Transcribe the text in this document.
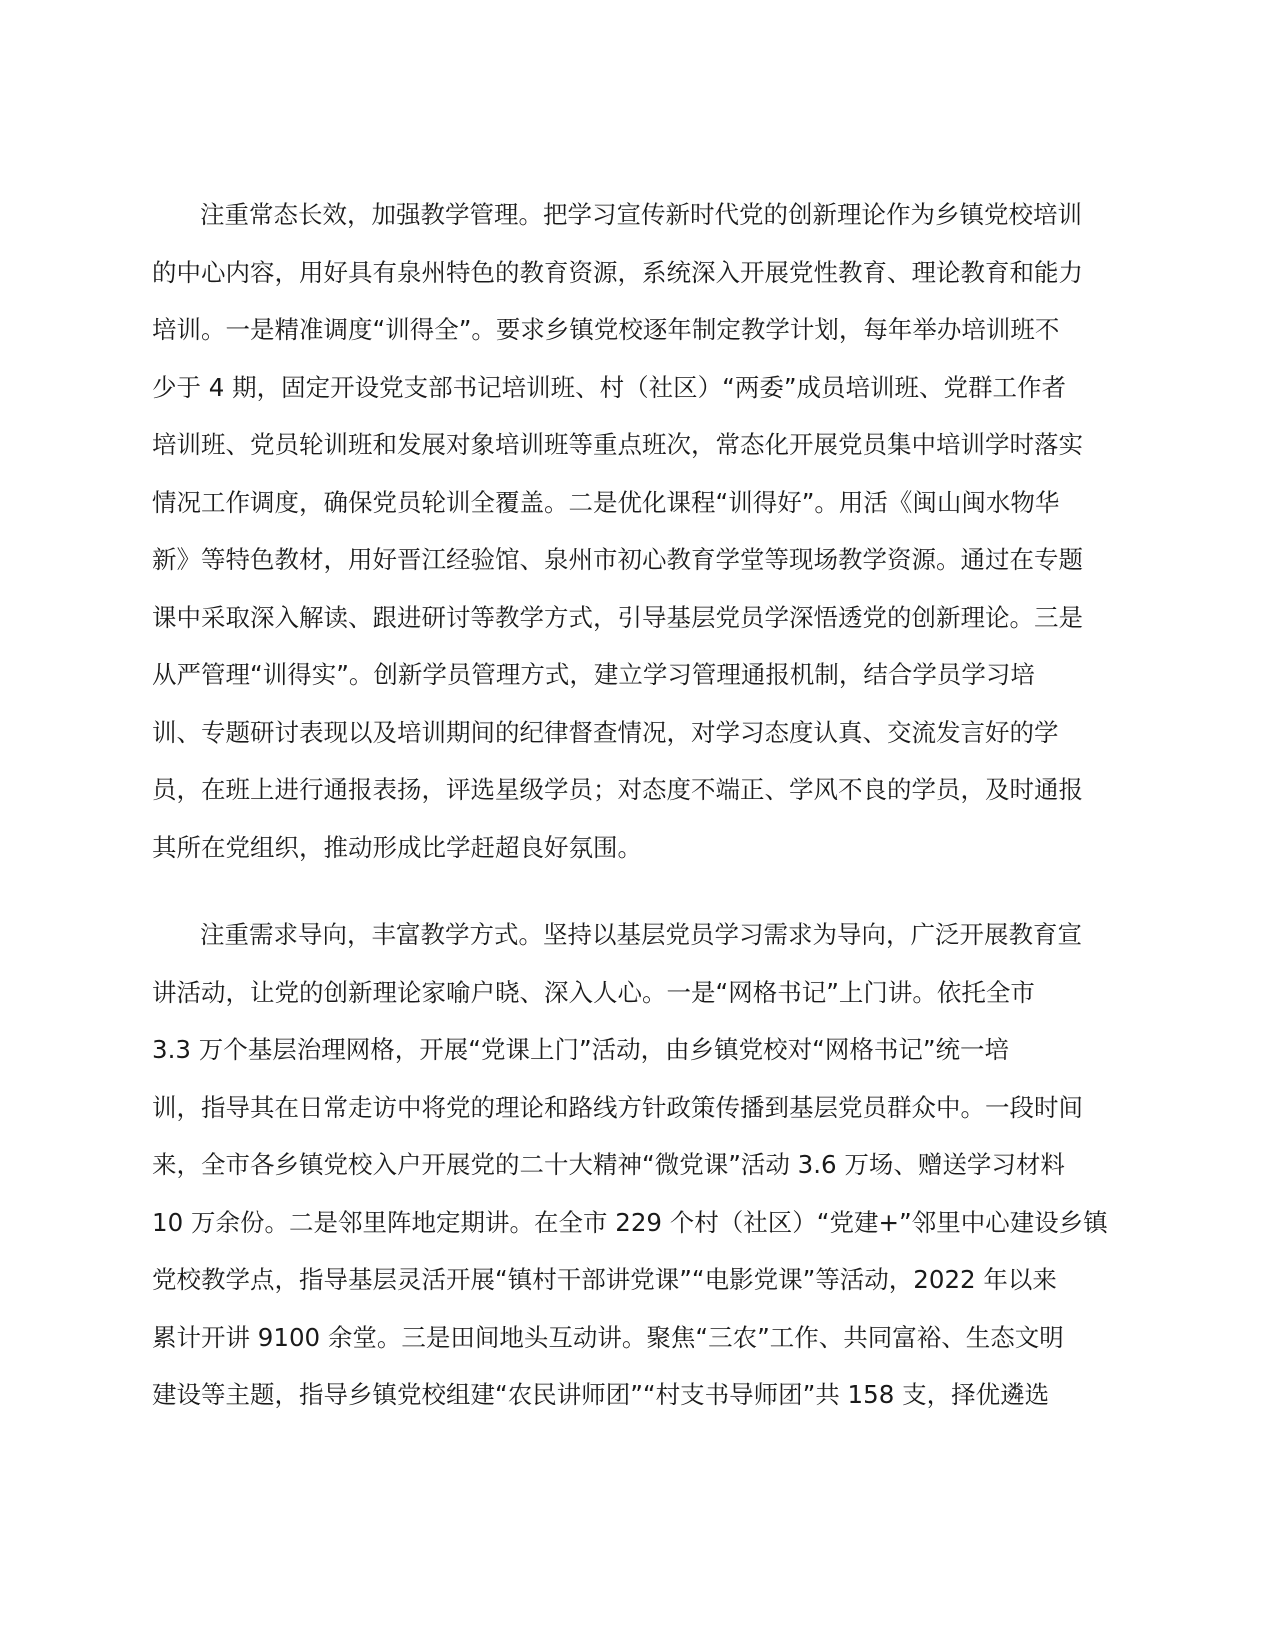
注重常态长效，加强教学管理。把学习宣传新时代党的创新理论作为乡镇党校培训
的中心内容，用好具有泉州特色的教育资源，系统深入开展党性教育、理论教育和能力
培训。一是精准调度“训得全”。要求乡镇党校逐年制定教学计划，每年举办培训班不
少于 4 期，固定开设党支部书记培训班、村（社区）“两委”成员培训班、党群工作者
培训班、党员轮训班和发展对象培训班等重点班次，常态化开展党员集中培训学时落实
情况工作调度，确保党员轮训全覆盖。二是优化课程“训得好”。用活《闽山闽水物华
新》等特色教材，用好晋江经验馆、泉州市初心教育学堂等现场教学资源。通过在专题
课中采取深入解读、跟进研讨等教学方式，引导基层党员学深悟透党的创新理论。三是
从严管理“训得实”。创新学员管理方式，建立学习管理通报机制，结合学员学习培
训、专题研讨表现以及培训期间的纪律督查情况，对学习态度认真、交流发言好的学
员，在班上进行通报表扬，评选星级学员；对态度不端正、学风不良的学员，及时通报
其所在党组织，推动形成比学赶超良好氛围。
注重需求导向，丰富教学方式。坚持以基层党员学习需求为导向，广泛开展教育宣
讲活动，让党的创新理论家喻户晓、深入人心。一是“网格书记”上门讲。依托全市
3.3 万个基层治理网格，开展“党课上门”活动，由乡镇党校对“网格书记”统一培
训，指导其在日常走访中将党的理论和路线方针政策传播到基层党员群众中。一段时间
来，全市各乡镇党校入户开展党的二十大精神“微党课”活动 3.6 万场、赠送学习材料
10 万余份。二是邻里阵地定期讲。在全市 229 个村（社区）“党建+”邻里中心建设乡镇
党校教学点，指导基层灵活开展“镇村干部讲党课”“电影党课”等活动，2022 年以来
累计开讲 9100 余堂。三是田间地头互动讲。聚焦“三农”工作、共同富裕、生态文明
建设等主题，指导乡镇党校组建“农民讲师团”“村支书导师团”共 158 支，择优遴选
